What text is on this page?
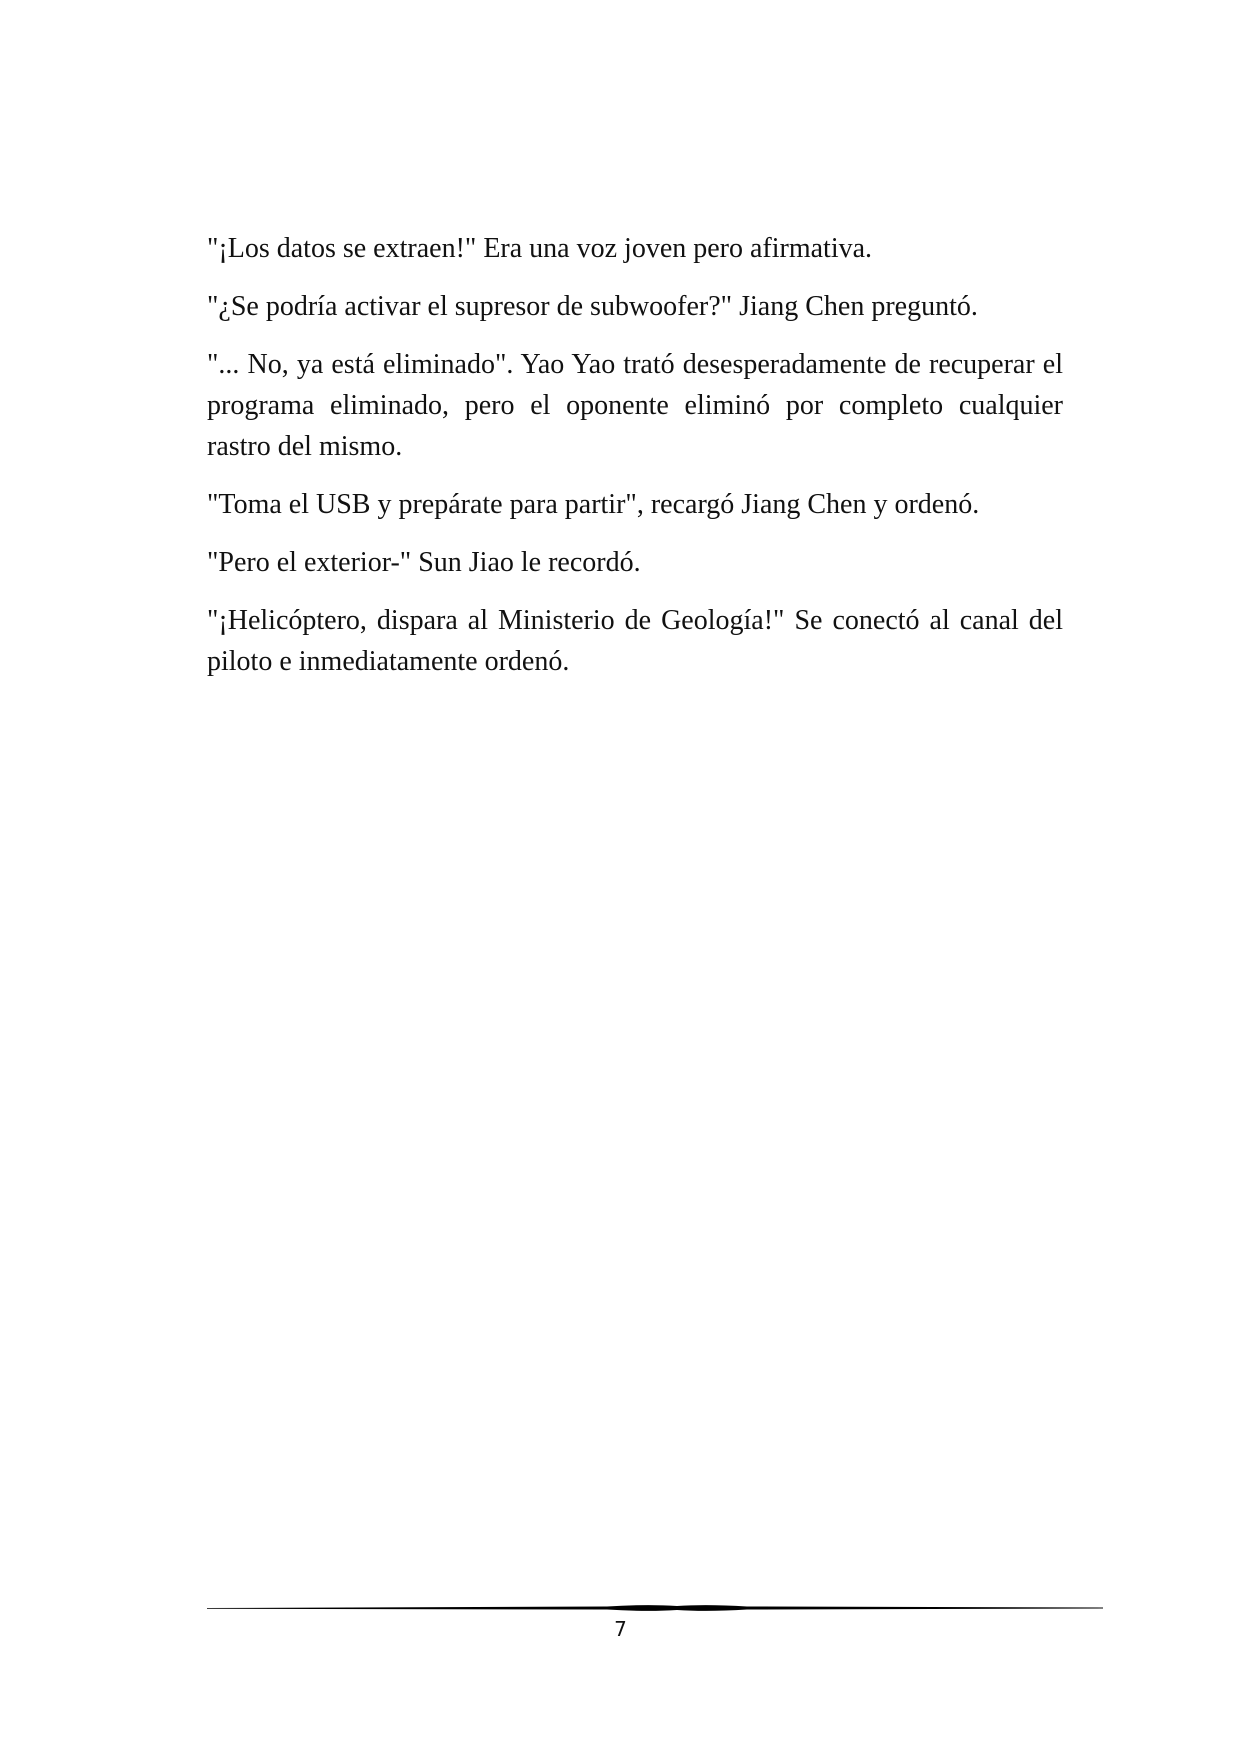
"¡Los datos se extraen!" Era una voz joven pero afirmativa.

"¿Se podría activar el supresor de subwoofer?" Jiang Chen preguntó.

"... No, ya está eliminado". Yao Yao trató desesperadamente de recuperar el programa eliminado, pero el oponente eliminó por completo cualquier rastro del mismo.

"Toma el USB y prepárate para partir", recargó Jiang Chen y ordenó.

"Pero el exterior-" Sun Jiao le recordó.

"¡Helicóptero, dispara al Ministerio de Geología!" Se conectó al canal del piloto e inmediatamente ordenó.

7
